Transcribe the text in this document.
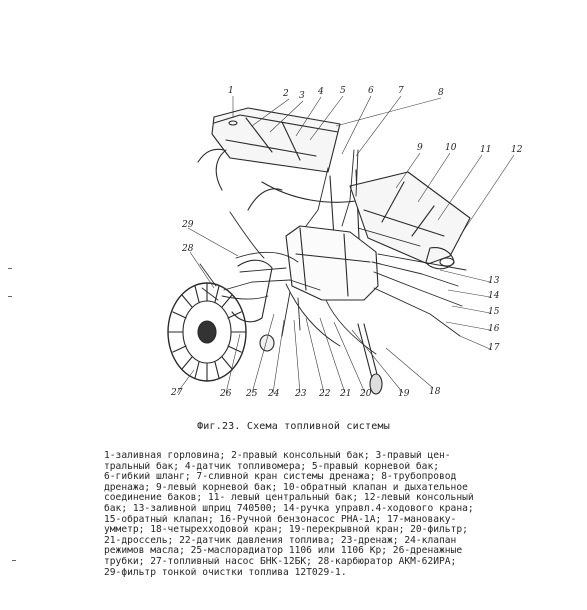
1	2 3 4 5 6	7	8
9 10	11 12
13
14
15
16
17
18
19
20
21
22
23
24
25
26
27
28
29
Фиг.23. Схема топливной системы
1-заливная горловина; 2-правый консольный бак; 3-правый цен-
тральный бак; 4-датчик топливомера; 5-правый корневой бак;
6-гибкий шланг; 7-сливной кран системы дренажа; 8-трубопровод
дренажа; 9-левый корневой бак; 10-обратный клапан и дыхательное
соединение баков; 11- левый центральный бак; 12-левый консольный
бак; 13-заливной шприц 740500; 14-ручка управл.4-ходового крана;
15-обратный клапан; 16-Ручной бензонасос РНА-1А; 17-мановаку-
умметр; 18-четырехходовой кран; 19-перекрывной кран; 20-фильтр;
21-дроссель; 22-датчик давления топлива; 23-дренаж; 24-клапан
режимов масла; 25-маслорадиатор 1106 или 1106 Кр; 26-дренажные
трубки; 27-топливный насос БНК-12БК; 28-карбюратор АКМ-62ИРА;
29-фильтр тонкой очистки топлива 12Т029-1.
